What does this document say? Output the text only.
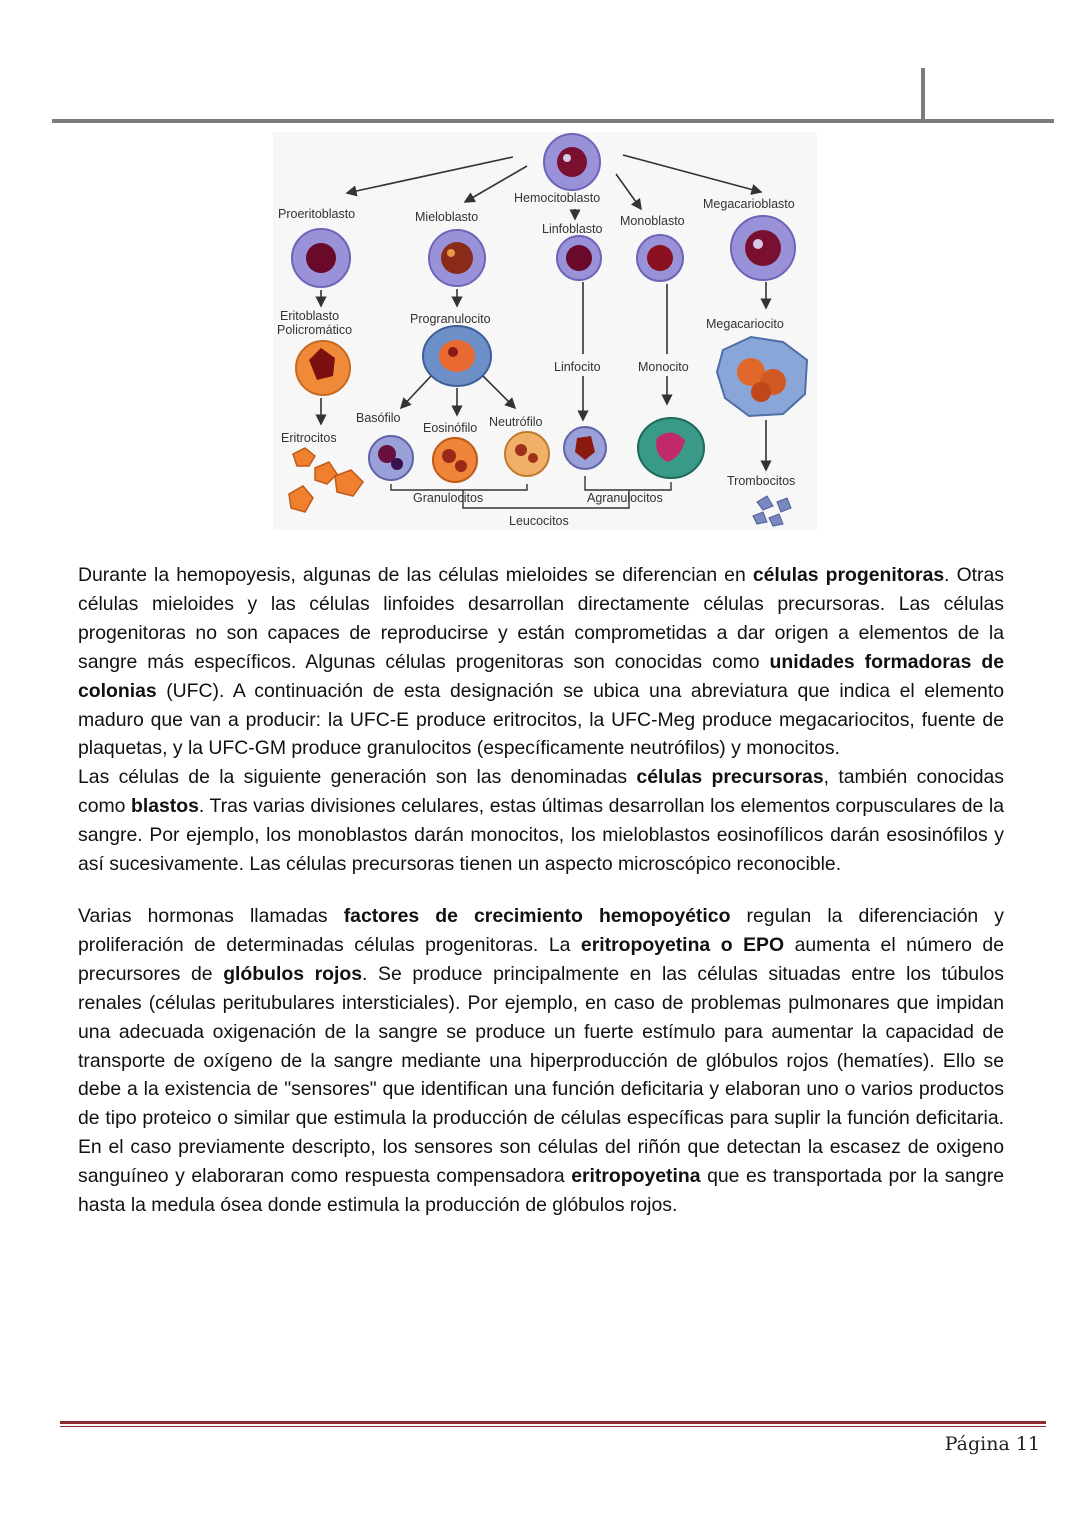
Hemocitoblasto
Proeritoblasto	Mieloblasto
Linfoblasto
Monoblasto
Megacarioblasto
Eritoblasto
Policromático
Progranulocito	Megacariocito
Linfocito	Monocito
Basófilo
Eosinófilo Neutrófilo
Eritrocitos
Trombocitos
Granulocitos	Agranulocitos
Leucocitos

Durante la hemopoyesis, algunas de las células mieloides se diferencian en células progenitoras. Otras células mieloides y las células linfoides desarrollan directamente células precursoras. Las células progenitoras no son capaces de reproducirse y están comprometidas a dar origen a elementos de la sangre más específicos. Algunas células progenitoras son conocidas como unidades formadoras de colonias (UFC). A continuación de esta designación se ubica una abreviatura que indica el elemento maduro que van a producir: la UFC-E produce eritrocitos, la UFC-Meg produce megacariocitos, fuente de plaquetas, y la UFC-GM produce granulocitos (específicamente neutrófilos) y monocitos.

Las células de la siguiente generación son las denominadas células precursoras, también conocidas como blastos. Tras varias divisiones celulares, estas últimas desarrollan los elementos corpusculares de la sangre. Por ejemplo, los monoblastos darán monocitos, los mieloblastos eosinofílicos darán esosinófilos y así sucesivamente. Las células precursoras tienen un aspecto microscópico reconocible.

Varias hormonas llamadas factores de crecimiento hemopoyético regulan la diferenciación y proliferación de determinadas células progenitoras. La eritropoyetina o EPO aumenta el número de precursores de glóbulos rojos. Se produce principalmente en las células situadas entre los túbulos renales (células peritubulares intersticiales). Por ejemplo, en caso de problemas pulmonares que impidan una adecuada oxigenación de la sangre se produce un fuerte estímulo para aumentar la capacidad de transporte de oxígeno de la sangre mediante una hiperproducción de glóbulos rojos (hematíes). Ello se debe a la existencia de "sensores" que identifican una función deficitaria y elaboran uno o varios productos de tipo proteico o similar que estimula la producción de células específicas para suplir la función deficitaria. En el caso previamente descripto, los sensores son células del riñón que detectan la escasez de oxigeno sanguíneo y elaboraran como respuesta compensadora eritropoyetina que es transportada por la sangre hasta la medula ósea donde estimula la producción de glóbulos rojos.

Página 11
